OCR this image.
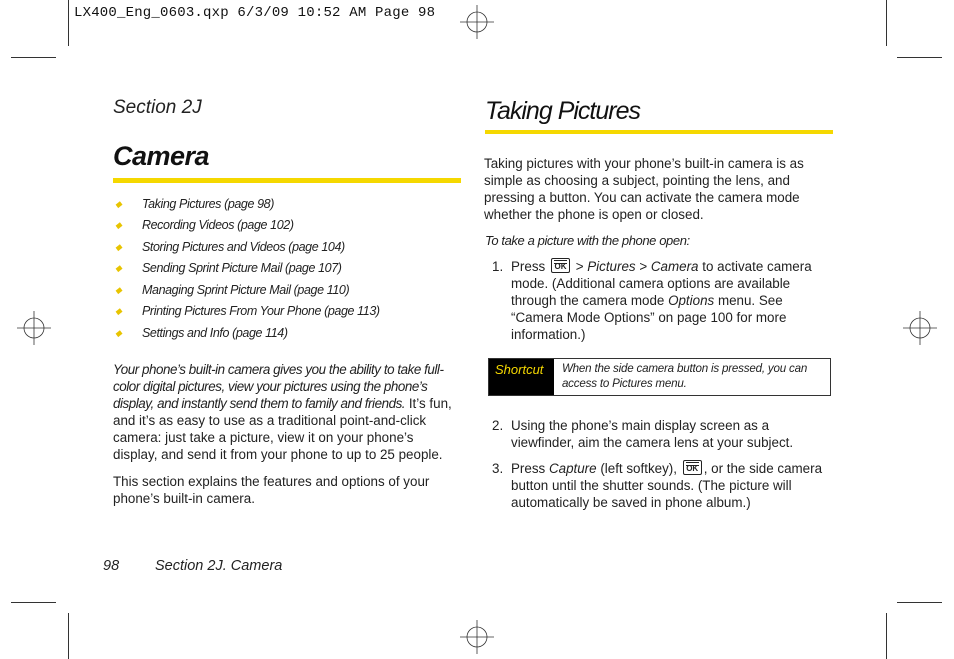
LX400_Eng_0603.qxp 6/3/09 10:52 AM Page 98
Section 2J
Camera
◆ Taking Pictures (page 98)
◆ Recording Videos (page 102)
◆ Storing Pictures and Videos (page 104)
◆ Sending Sprint Picture Mail (page 107)
◆ Managing Sprint Picture Mail (page 110)
◆ Printing Pictures From Your Phone (page 113)
◆ Settings and Info (page 114)
Your phone’s built-in camera gives you the ability to take full-color digital pictures, view your pictures using the phone’s display, and instantly send them to family and friends. It’s fun, and it’s as easy to use as a traditional point-and-click camera: just take a picture, view it on your phone’s display, and send it from your phone to up to 25 people.
This section explains the features and options of your phone’s built-in camera.
98 Section 2J. Camera
Taking Pictures
Taking pictures with your phone’s built-in camera is as simple as choosing a subject, pointing the lens, and pressing a button. You can activate the camera mode whether the phone is open or closed.
To take a picture with the phone open:
1. Press OK > Pictures > Camera to activate camera mode. (Additional camera options are available through the camera mode Options menu. See “Camera Mode Options” on page 100 for more information.)
Shortcut	When the side camera button is pressed, you can access to Pictures menu.
2. Using the phone’s main display screen as a viewfinder, aim the camera lens at your subject.
3. Press Capture (left softkey), OK, or the side camera button until the shutter sounds. (The picture will automatically be saved in phone album.)
